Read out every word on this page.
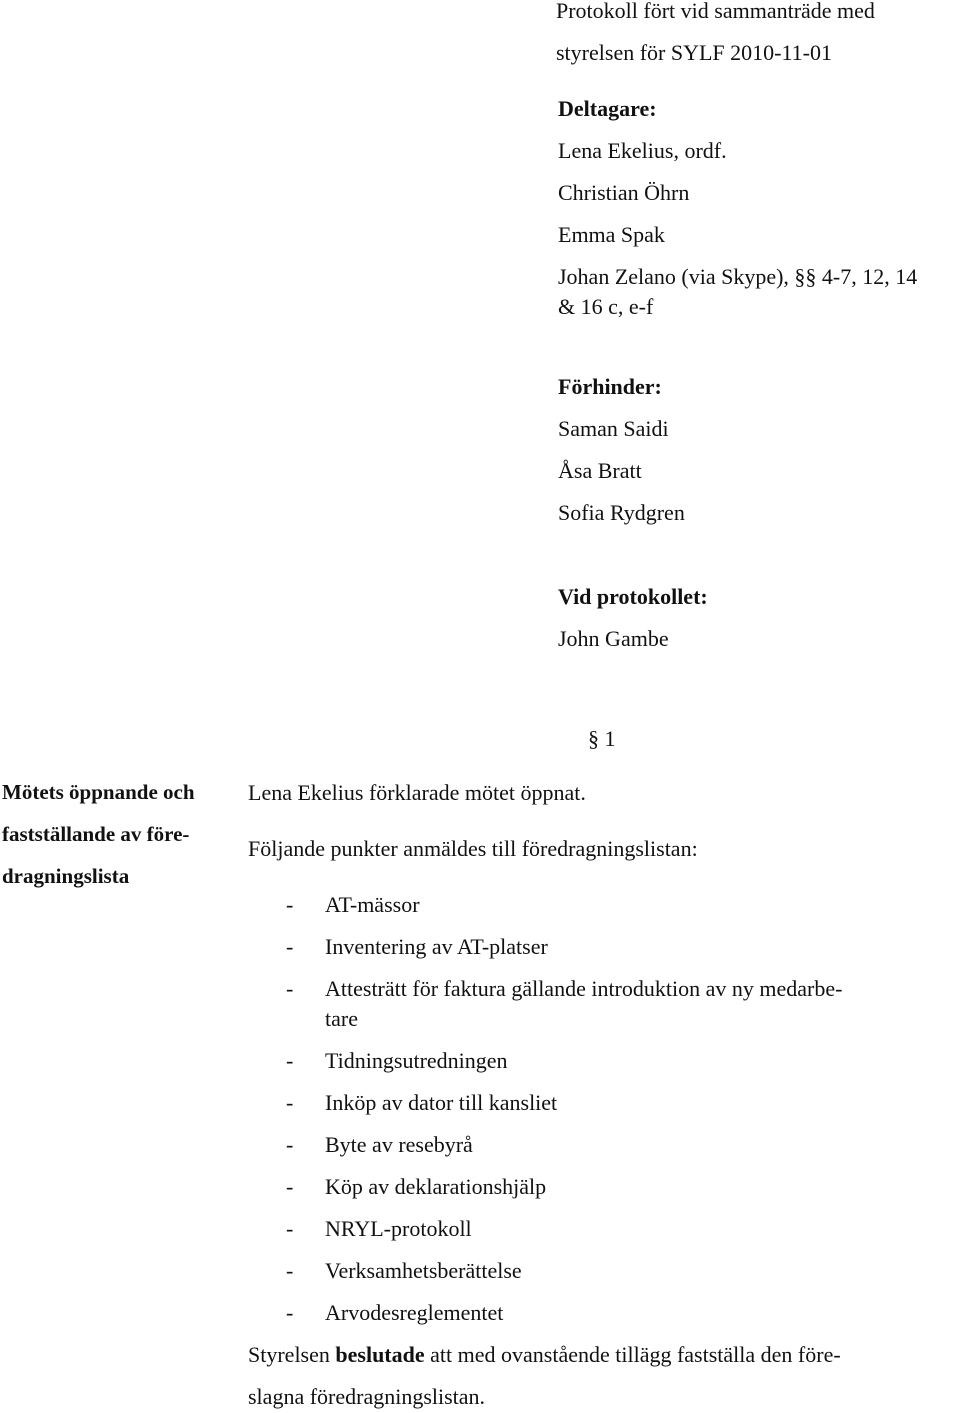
Protokoll fört vid sammanträde med
styrelsen för SYLF 2010-11-01
Deltagare:
Lena Ekelius, ordf.
Christian Öhrn
Emma Spak
Johan Zelano (via Skype), §§ 4-7, 12, 14
& 16 c, e-f
Förhinder:
Saman Saidi
Åsa Bratt
Sofia Rydgren
Vid protokollet:
John Gambe
§ 1
Mötets öppnande och
fastställande av före-
dragningslista
Lena Ekelius förklarade mötet öppnat.
Följande punkter anmäldes till föredragningslistan:
- AT-mässor
- Inventering av AT-platser
- Attesträtt för faktura gällande introduktion av ny medarbe-
tare
- Tidningsutredningen
- Inköp av dator till kansliet
- Byte av resebyrå
- Köp av deklarationshjälp
- NRYL-protokoll
- Verksamhetsberättelse
- Arvodesreglementet
Styrelsen beslutade att med ovanstående tillägg fastställa den före-
slagna föredragningslistan.
